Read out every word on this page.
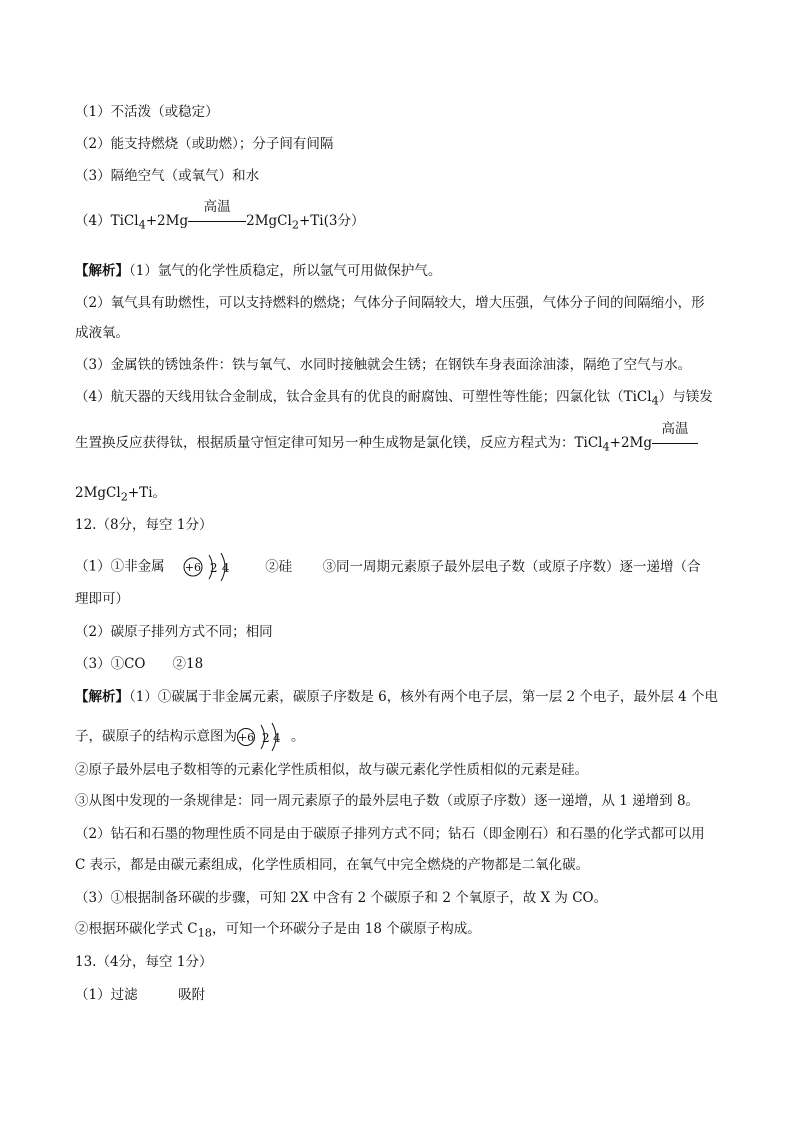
（1）不活泼（或稳定）
（2）能支持燃烧（或助燃）；分子间有间隔
（3）隔绝空气（或氧气）和水
（4）TiCl$_4$+2Mg
高温
2MgCl$_2$+Ti(3分）
【解析】（1）氩气的化学性质稳定，所以氩气可用做保护气。
（2）氧气具有助燃性，可以支持燃料的燃烧；气体分子间隔较大，增大压强，气体分子间的间隔缩小，形
成液氧。
（3）金属铁的锈蚀条件：铁与氧气、水同时接触就会生锈；在钢铁车身表面涂油漆，隔绝了空气与水。
（4）航天器的天线用钛合金制成，钛合金具有的优良的耐腐蚀、可塑性等性能；四氯化钛（TiCl$_4$）与镁发
生置换反应获得钛，根据质量守恒定律可知另一种生成物是氯化镁，反应方程式为：TiCl$_4$+2Mg
高温
2MgCl$_2$+Ti。
12.（8分，每空 1分）
（1）①非金属 +6 2 4	②硅 ③同一周期元素原子最外层电子数（或原子序数）逐一递增（合
理即可）
（2）碳原子排列方式不同；相同
（3）①CO　　②18
【解析】（1）①碳属于非金属元素，碳原子序数是 6，核外有两个电子层，第一层 2 个电子，最外层 4 个电
子，碳原子的结构示意图为 +6 2 4 。
②原子最外层电子数相等的元素化学性质相似，故与碳元素化学性质相似的元素是硅。
③从图中发现的一条规律是：同一周元素原子的最外层电子数（或原子序数）逐一递增，从 1 递增到 8。
（2）钻石和石墨的物理性质不同是由于碳原子排列方式不同；钻石（即金刚石）和石墨的化学式都可以用
C 表示，都是由碳元素组成，化学性质相同，在氧气中完全燃烧的产物都是二氧化碳。
（3）①根据制备环碳的步骤，可知 2X 中含有 2 个碳原子和 2 个氧原子，故 X 为 CO。
②根据环碳化学式 $C_{18}$，可知一个环碳分子是由 18 个碳原子构成。
13.（4分，每空 1分）
（1）过滤　　　吸附
